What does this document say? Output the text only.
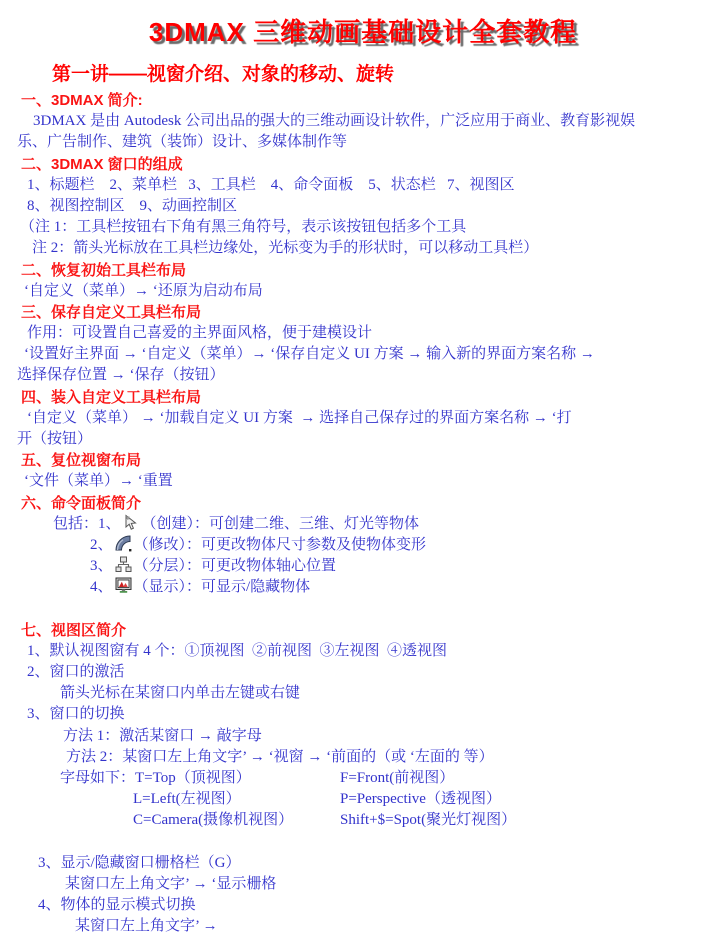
3DMAX 三维动画基础设计全套教程
第一讲——视窗介绍、对象的移动、旋转
一、3DMAX 简介:
3DMAX 是由 Autodesk 公司出品的强大的三维动画设计软件，广泛应用于商业、教育影视娱
乐、广告制作、建筑（装饰）设计、多媒体制作等
二、3DMAX 窗口的组成
1、标题栏    2、菜单栏   3、工具栏    4、命令面板    5、状态栏   7、视图区
8、视图控制区    9、动画控制区
（注 1：工具栏按钮右下角有黑三角符号，表示该按钮包括多个工具
注 2：箭头光标放在工具栏边缘处，光标变为手的形状时，可以移动工具栏）
二、恢复初始工具栏布局
‘自定义（菜单）→ ‘还原为启动布局
三、保存自定义工具栏布局
作用：可设置自己喜爱的主界面风格，便于建模设计
‘设置好主界面 → ‘自定义（菜单）→ ‘保存自定义 UI 方案 → 输入新的界面方案名称 →
选择保存位置 → ‘保存（按钮）
四、装入自定义工具栏布局
‘自定义（菜单） → ‘加载自定义 UI 方案  → 选择自己保存过的界面方案名称 → ‘打
开（按钮）
五、复位视窗布局
‘文件（菜单）→ ‘重置
六、命令面板简介
包括：1、 （创建）：可创建二维、三维、灯光等物体
2、 （修改）：可更改物体尺寸参数及使物体变形
3、 （分层）：可更改物体轴心位置
4、 （显示）：可显示/隐藏物体
七、视图区简介
1、默认视图窗有 4 个：①顶视图  ②前视图  ③左视图  ④透视图
2、窗口的激活
箭头光标在某窗口内单击左键或右键
3、窗口的切换
方法 1：激活某窗口 → 敲字母
方法 2：某窗口左上角文字’ → ‘视窗 → ‘前面的（或 ‘左面的 等）
字母如下：T=Top（顶视图）	F=Front(前视图）
L=Left(左视图）	P=Perspective（透视图）
C=Camera(摄像机视图）	Shift+$=Spot(聚光灯视图）
3、显示/隐藏窗口栅格栏（G）
某窗口左上角文字’ → ‘显示栅格
4、物体的显示模式切换
某窗口左上角文字’ →
